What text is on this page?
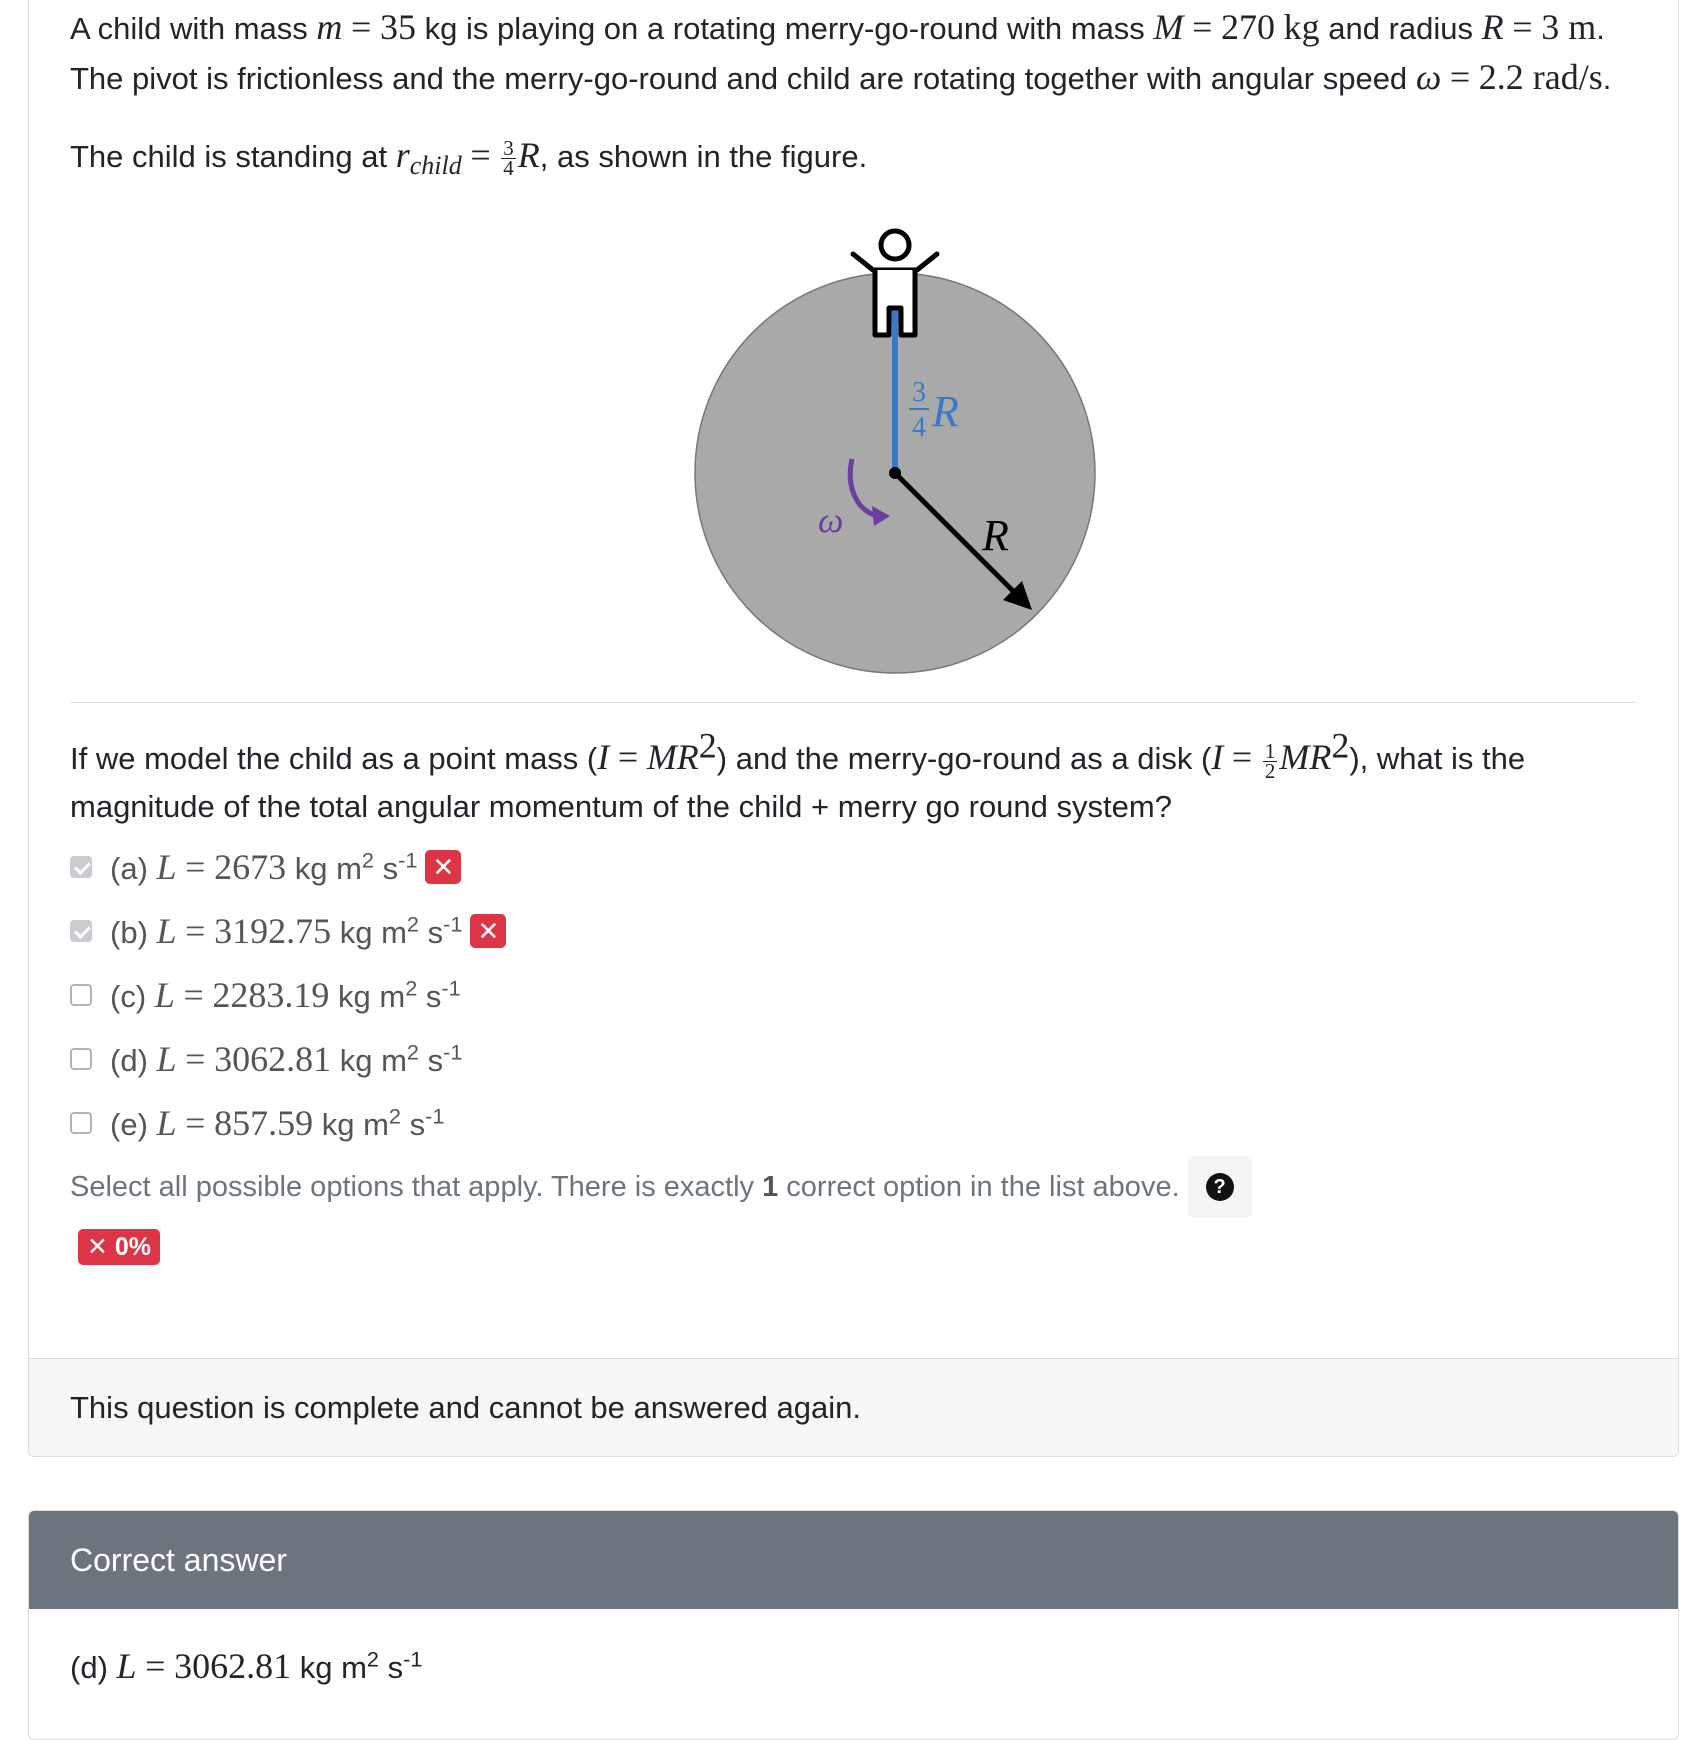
A child with mass m = 35 kg is playing on a rotating merry-go-round with mass M = 270 kg and radius R = 3 m. The pivot is frictionless and the merry-go-round and child are rotating together with angular speed ω = 2.2 rad/s.

The child is standing at $r_{child} = \frac{3}{4} R$, as shown in the figure.

ω
3
4 R
R

If we model the child as a point mass $(I = MR^2)$ and the merry-go-round as a disk $(I = \frac{1}{2} MR^2)$, what is the magnitude of the total angular momentum of the child + merry go round system?

(a) L = 2673 kg $m^2$ $s^{-1}$ ✕
(b) L = 3192.75 kg $m^2$ $s^{-1}$ ✕
(c) L = 2283.19 kg $m^2$ $s^{-1}$
(d) L = 3062.81 kg $m^2$ $s^{-1}$
(e) L = 857.59 kg $m^2$ $s^{-1}$
Select all possible options that apply. There is exactly
1
correct option in the list above.	?
✕ 0%
This question is complete and cannot be answered again.
Correct answer
(d) L = 3062.81 kg $m^2$ $s^{-1}$
